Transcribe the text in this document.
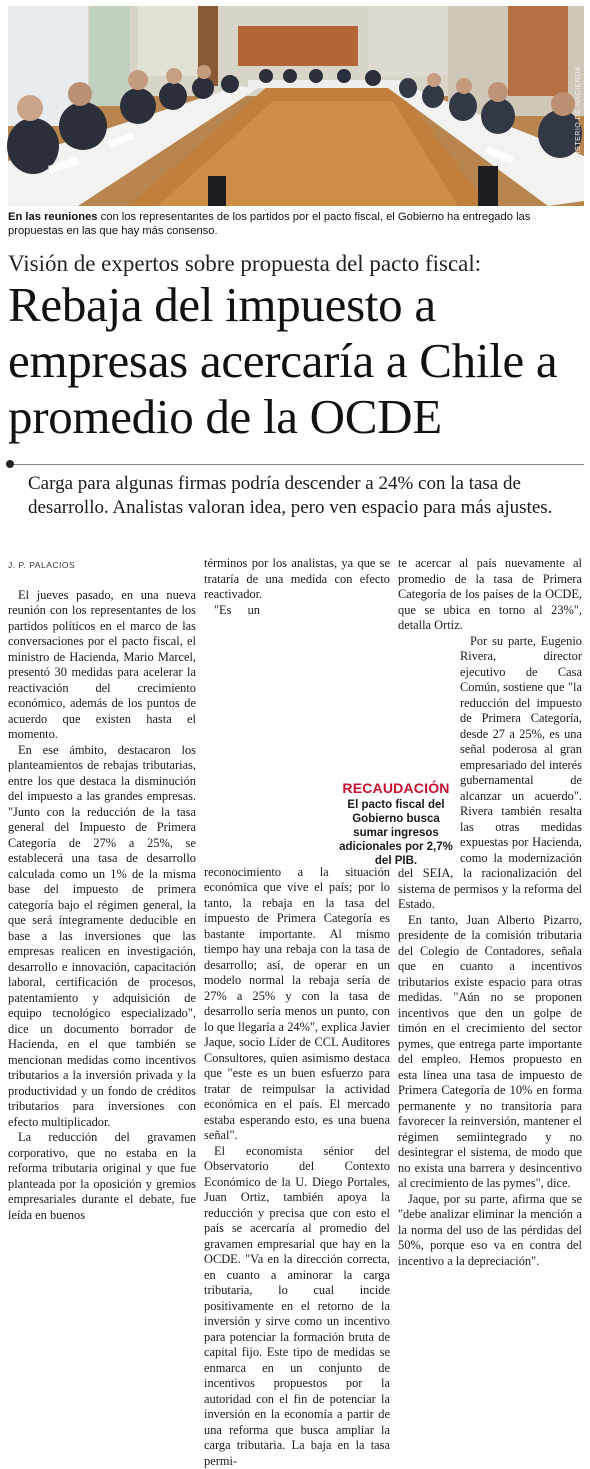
MINISTERIO DE HACIENDA
En las reuniones con los representantes de los partidos por el pacto fiscal, el Gobierno ha entregado las propuestas en las que hay más consenso.
Visión de expertos sobre propuesta del pacto fiscal:
Rebaja del impuesto a empresas acercaría a Chile a promedio de la OCDE
Carga para algunas firmas podría descender a 24% con la tasa de desarrollo. Analistas valoran idea, pero ven espacio para más ajustes.
J. P. PALACIOS

El jueves pasado, en una nueva reunión con los representantes de los partidos políticos en el marco de las conversaciones por el pacto fiscal, el ministro de Hacienda, Mario Marcel, presentó 30 medidas para acelerar la reactivación del crecimiento económico, además de los puntos de acuerdo que existen hasta el momento.

En ese ámbito, destacaron los planteamientos de rebajas tributarias, entre los que destaca la disminución del impuesto a las grandes empresas. "Junto con la reducción de la tasa general del Impuesto de Primera Categoría de 27% a 25%, se establecerá una tasa de desarrollo calculada como un 1% de la misma base del impuesto de primera categoría bajo el régimen general, la que será íntegramente deducible en base a las inversiones que las empresas realicen en investigación, desarrollo e innovación, capacitación laboral, certificación de procesos, patentamiento y adquisición de equipo tecnológico especializado", dice un documento borrador de Hacienda, en el que también se mencionan medidas como incentivos tributarios a la inversión privada y la productividad y un fondo de créditos tributarios para inversiones con efecto multiplicador.

La reducción del gravamen corporativo, que no estaba en la reforma tributaria original y que fue planteada por la oposición y gremios empresariales durante el debate, fue leída en buenos

términos por los analistas, ya que se trataría de una medida con efecto reactivador.

"Es un reconocimiento a la situación económica que vive el país; por lo tanto, la rebaja en la tasa del impuesto de Primera Categoría es bastante importante. Al mismo tiempo hay una rebaja con la tasa de desarrollo; así, de operar en un modelo normal la rebaja sería de 27% a 25% y con la tasa de desarrollo sería menos un punto, con lo que llegaría a 24%", explica Javier Jaque, socio Líder de CCL Auditores Consultores, quien asimismo destaca que "este es un buen esfuerzo para tratar de reimpulsar la actividad económica en el país. El mercado estaba esperando esto, es una buena señal".

El economista sénior del Observatorio del Contexto Económico de la U. Diego Portales, Juan Ortiz, también apoya la reducción y precisa que con esto el país se acercaría al promedio del gravamen empresarial que hay en la OCDE. "Va en la dirección correcta, en cuanto a aminorar la carga tributaria, lo cual incide positivamente en el retorno de la inversión y sirve como un incentivo para potenciar la formación bruta de capital fijo. Este tipo de medidas se enmarca en un conjunto de incentivos propuestos por la autoridad con el fin de potenciar la inversión en la economía a partir de una reforma que busca ampliar la carga tributaria. La baja en la tasa permi-

te acercar al país nuevamente al promedio de la tasa de Primera Categoría de los países de la OCDE, que se ubica en torno al 23%", detalla Ortiz.

Por su parte, Eugenio Rivera, director ejecutivo de Casa Común, sostiene que "la reducción del impuesto de Primera Categoría, desde 27 a 25%, es una señal poderosa al gran empresariado del interés gubernamental de alcanzar un acuerdo". Rivera también resalta las otras medidas expuestas por Hacienda, como la modernización del SEIA, la racionalización del sistema de permisos y la reforma del Estado.

En tanto, Juan Alberto Pizarro, presidente de la comisión tributaria del Colegio de Contadores, señala que en cuanto a incentivos tributarios existe espacio para otras medidas. "Aún no se proponen incentivos que den un golpe de timón en el crecimiento del sector pymes, que entrega parte importante del empleo. Hemos propuesto en esta línea una tasa de impuesto de Primera Categoría de 10% en forma permanente y no transitoria para favorecer la reinversión, mantener el régimen semiintegrado y no desintegrar el sistema, de modo que no exista una barrera y desincentivo al crecimiento de las pymes", dice.

Jaque, por su parte, afirma que se "debe analizar eliminar la mención a la norma del uso de las pérdidas del 50%, porque eso va en contra del incentivo a la depreciación".

RECAUDACIÓN
El pacto fiscal del Gobierno busca sumar ingresos adicionales por 2,7% del PIB.
